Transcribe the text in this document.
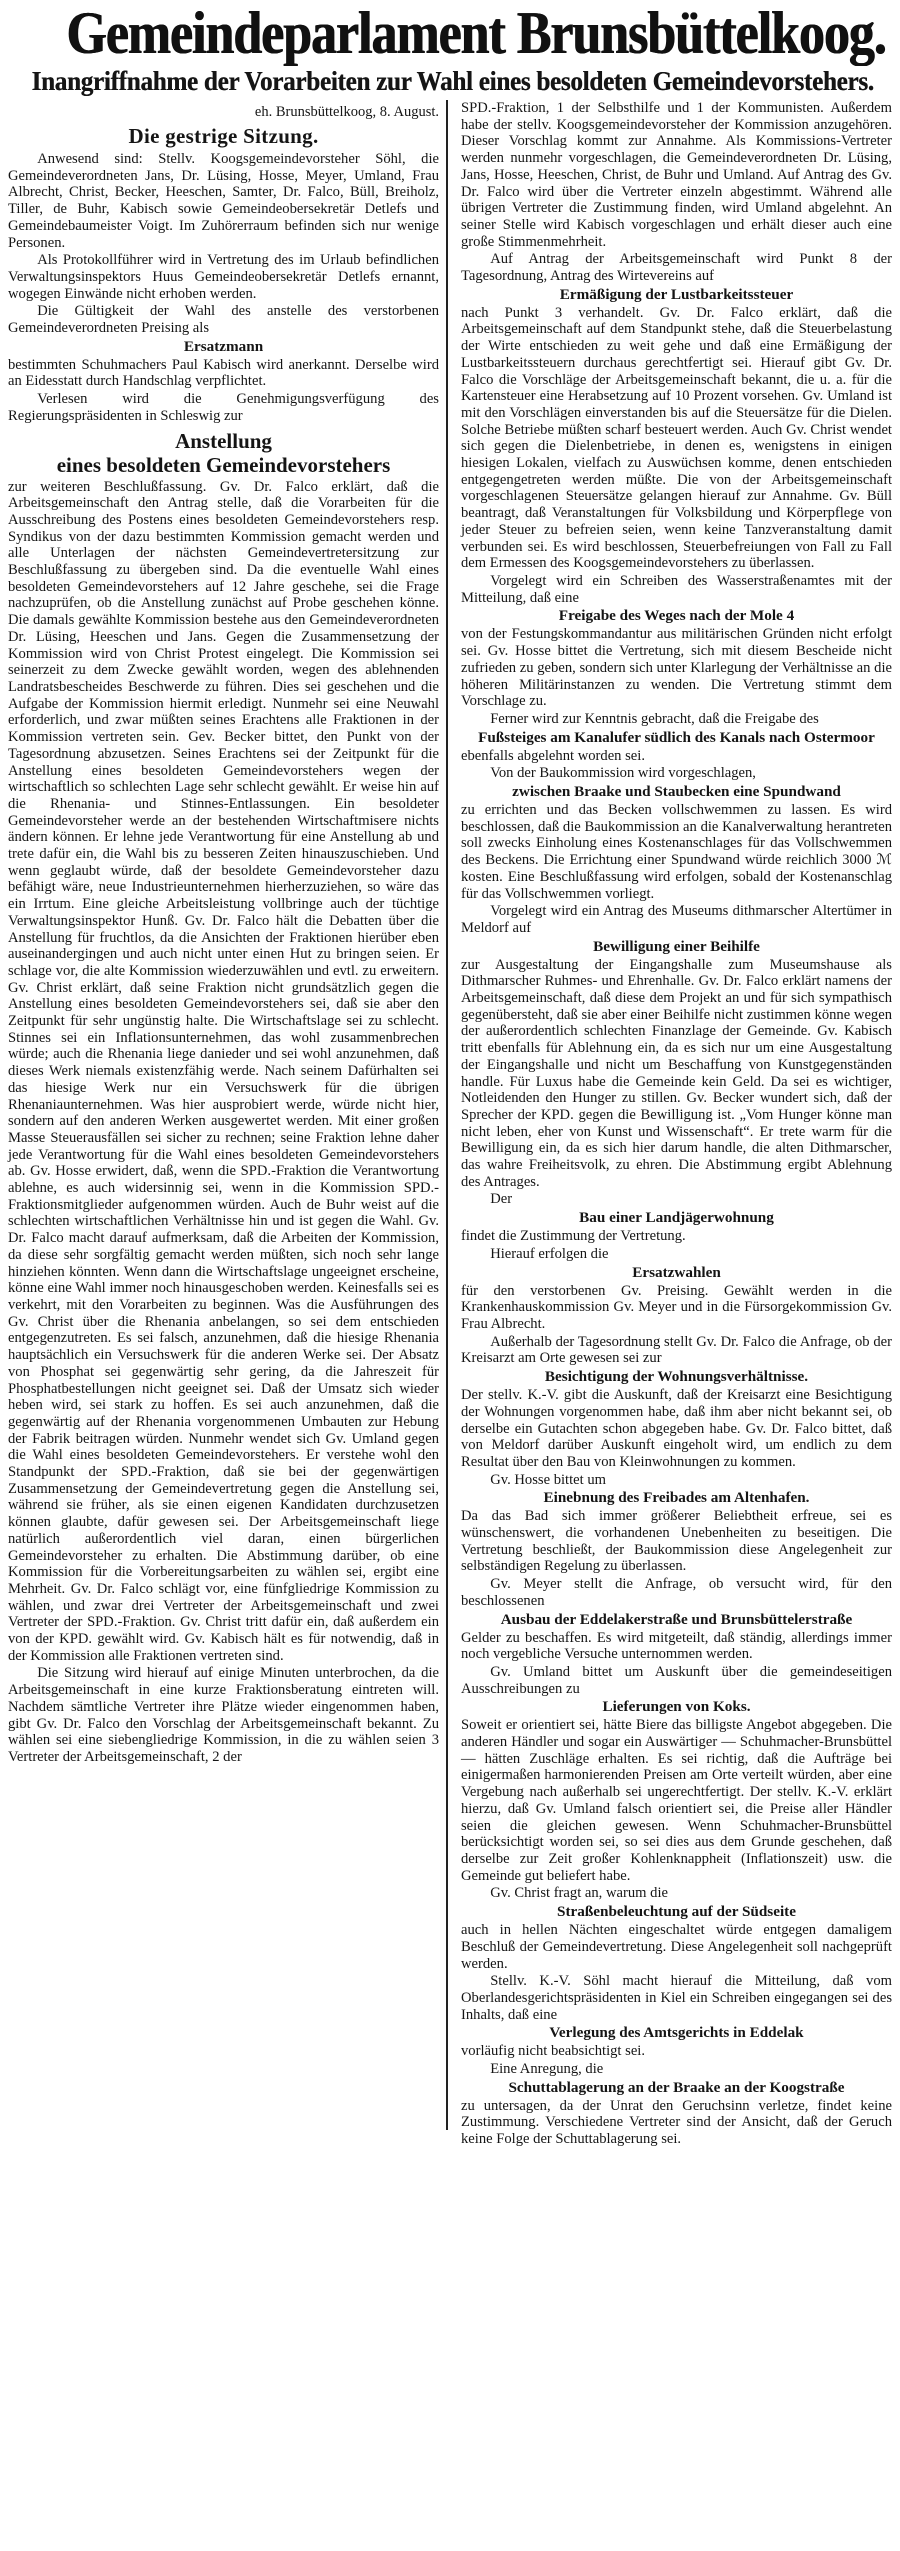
Gemeindeparlament Brunsbüttelkoog.
Inangriffnahme der Vorarbeiten zur Wahl eines besoldeten Gemeindevorstehers.
eh. Brunsbüttelkoog, 8. August.
Die gestrige Sitzung.

Anwesend sind: Stellv. Koogsgemeindevorsteher Söhl, die Gemeindeverordneten Jans, Dr. Lüsing, Hosse, Meyer, Umland, Frau Albrecht, Christ, Becker, Heeschen, Samter, Dr. Falco, Büll, Breiholz, Tiller, de Buhr, Kabisch sowie Gemeindeobersekretär Detlefs und Gemeindebaumeister Voigt. Im Zuhörerraum befinden sich nur wenige Personen.

Als Protokollführer wird in Vertretung des im Urlaub befindlichen Verwaltungsinspektors Huus Gemeindeobersekretär Detlefs ernannt, wogegen Einwände nicht erhoben werden.

Die Gültigkeit der Wahl des anstelle des verstorbenen Gemeindeverordneten Preising als

Ersatzmann

bestimmten Schuhmachers Paul Kabisch wird anerkannt. Derselbe wird an Eidesstatt durch Handschlag verpflichtet.

Verlesen wird die Genehmigungsverfügung des Regierungspräsidenten in Schleswig zur

Anstellung
eines besoldeten Gemeindevorstehers

zur weiteren Beschlußfassung. Gv. Dr. Falco erklärt, daß die Arbeitsgemeinschaft den Antrag stelle, daß die Vorarbeiten für die Ausschreibung des Postens eines besoldeten Gemeindevorstehers resp. Syndikus von der dazu bestimmten Kommission gemacht werden und alle Unterlagen der nächsten Gemeindevertretersitzung zur Beschlußfassung zu übergeben sind. Da die eventuelle Wahl eines besoldeten Gemeindevorstehers auf 12 Jahre geschehe, sei die Frage nachzuprüfen, ob die Anstellung zunächst auf Probe geschehen könne. Die damals gewählte Kommission bestehe aus den Gemeindeverordneten Dr. Lüsing, Heeschen und Jans. Gegen die Zusammensetzung der Kommission wird von Christ Protest eingelegt. Die Kommission sei seinerzeit zu dem Zwecke gewählt worden, wegen des ablehnenden Landratsbescheides Beschwerde zu führen. Dies sei geschehen und die Aufgabe der Kommission hiermit erledigt. Nunmehr sei eine Neuwahl erforderlich, und zwar müßten seines Erachtens alle Fraktionen in der Kommission vertreten sein. Gev. Becker bittet, den Punkt von der Tagesordnung abzusetzen. Seines Erachtens sei der Zeitpunkt für die Anstellung eines besoldeten Gemeindevorstehers wegen der wirtschaftlich so schlechten Lage sehr schlecht gewählt. Er weise hin auf die Rhenania- und Stinnes-Entlassungen. Ein besoldeter Gemeindevorsteher werde an der bestehenden Wirtschaftmisere nichts ändern können. Er lehne jede Verantwortung für eine Anstellung ab und trete dafür ein, die Wahl bis zu besseren Zeiten hinauszuschieben. Und wenn geglaubt würde, daß der besoldete Gemeindevorsteher dazu befähigt wäre, neue Industrieunternehmen hierherzuziehen, so wäre das ein Irrtum. Eine gleiche Arbeitsleistung vollbringe auch der tüchtige Verwaltungsinspektor Hunß. Gv. Dr. Falco hält die Debatten über die Anstellung für fruchtlos, da die Ansichten der Fraktionen hierüber eben auseinandergingen und auch nicht unter einen Hut zu bringen seien. Er schlage vor, die alte Kommission wiederzuwählen und evtl. zu erweitern. Gv. Christ erklärt, daß seine Fraktion nicht grundsätzlich gegen die Anstellung eines besoldeten Gemeindevorstehers sei, daß sie aber den Zeitpunkt für sehr ungünstig halte. Die Wirtschaftslage sei zu schlecht. Stinnes sei ein Inflationsunternehmen, das wohl zusammenbrechen würde; auch die Rhenania liege danieder und sei wohl anzunehmen, daß dieses Werk niemals existenzfähig werde. Nach seinem Dafürhalten sei das hiesige Werk nur ein Versuchswerk für die übrigen Rhenaniaunternehmen. Was hier ausprobiert werde, würde nicht hier, sondern auf den anderen Werken ausgewertet werden. Mit einer großen Masse Steuerausfällen sei sicher zu rechnen; seine Fraktion lehne daher jede Verantwortung für die Wahl eines besoldeten Gemeindevorstehers ab. Gv. Hosse erwidert, daß, wenn die SPD.-Fraktion die Verantwortung ablehne, es auch widersinnig sei, wenn in die Kommission SPD.-Fraktionsmitglieder aufgenommen würden. Auch de Buhr weist auf die schlechten wirtschaftlichen Verhältnisse hin und ist gegen die Wahl. Gv. Dr. Falco macht darauf aufmerksam, daß die Arbeiten der Kommission, da diese sehr sorgfältig gemacht werden müßten, sich noch sehr lange hinziehen könnten. Wenn dann die Wirtschaftslage ungeeignet erscheine, könne eine Wahl immer noch hinausgeschoben werden. Keinesfalls sei es verkehrt, mit den Vorarbeiten zu beginnen. Was die Ausführungen des Gv. Christ über die Rhenania anbelangen, so sei dem entschieden entgegenzutreten. Es sei falsch, anzunehmen, daß die hiesige Rhenania hauptsächlich ein Versuchswerk für die anderen Werke sei. Der Absatz von Phosphat sei gegenwärtig sehr gering, da die Jahreszeit für Phosphatbestellungen nicht geeignet sei. Daß der Umsatz sich wieder heben wird, sei stark zu hoffen. Es sei auch anzunehmen, daß die gegenwärtig auf der Rhenania vorgenommenen Umbauten zur Hebung der Fabrik beitragen würden. Nunmehr wendet sich Gv. Umland gegen die Wahl eines besoldeten Gemeindevorstehers. Er verstehe wohl den Standpunkt der SPD.-Fraktion, daß sie bei der gegenwärtigen Zusammensetzung der Gemeindevertretung gegen die Anstellung sei, während sie früher, als sie einen eigenen Kandidaten durchzusetzen können glaubte, dafür gewesen sei. Der Arbeitsgemeinschaft liege natürlich außerordentlich viel daran, einen bürgerlichen Gemeindevorsteher zu erhalten. Die Abstimmung darüber, ob eine Kommission für die Vorbereitungsarbeiten zu wählen sei, ergibt eine Mehrheit. Gv. Dr. Falco schlägt vor, eine fünfgliedrige Kommission zu wählen, und zwar drei Vertreter der Arbeitsgemeinschaft und zwei Vertreter der SPD.-Fraktion. Gv. Christ tritt dafür ein, daß außerdem ein von der KPD. gewählt wird. Gv. Kabisch hält es für notwendig, daß in der Kommission alle Fraktionen vertreten sind.

Die Sitzung wird hierauf auf einige Minuten unterbrochen, da die Arbeitsgemeinschaft in eine kurze Fraktionsberatung eintreten will. Nachdem sämtliche Vertreter ihre Plätze wieder eingenommen haben, gibt Gv. Dr. Falco den Vorschlag der Arbeitsgemeinschaft bekannt. Zu wählen sei eine siebengliedrige Kommission, in die zu wählen seien 3 Vertreter der Arbeitsgemeinschaft, 2 der

SPD.-Fraktion, 1 der Selbsthilfe und 1 der Kommunisten. Außerdem habe der stellv. Koogsgemeindevorsteher der Kommission anzugehören. Dieser Vorschlag kommt zur Annahme. Als Kommissions-Vertreter werden nunmehr vorgeschlagen, die Gemeindeverordneten Dr. Lüsing, Jans, Hosse, Heeschen, Christ, de Buhr und Umland. Auf Antrag des Gv. Dr. Falco wird über die Vertreter einzeln abgestimmt. Während alle übrigen Vertreter die Zustimmung finden, wird Umland abgelehnt. An seiner Stelle wird Kabisch vorgeschlagen und erhält dieser auch eine große Stimmenmehrheit.

Auf Antrag der Arbeitsgemeinschaft wird Punkt 8 der Tagesordnung, Antrag des Wirtevereins auf

Ermäßigung der Lustbarkeitssteuer

nach Punkt 3 verhandelt. Gv. Dr. Falco erklärt, daß die Arbeitsgemeinschaft auf dem Standpunkt stehe, daß die Steuerbelastung der Wirte entschieden zu weit gehe und daß eine Ermäßigung der Lustbarkeitssteuern durchaus gerechtfertigt sei. Hierauf gibt Gv. Dr. Falco die Vorschläge der Arbeitsgemeinschaft bekannt, die u. a. für die Kartensteuer eine Herabsetzung auf 10 Prozent vorsehen. Gv. Umland ist mit den Vorschlägen einverstanden bis auf die Steuersätze für die Dielen. Solche Betriebe müßten scharf besteuert werden. Auch Gv. Christ wendet sich gegen die Dielenbetriebe, in denen es, wenigstens in einigen hiesigen Lokalen, vielfach zu Auswüchsen komme, denen entschieden entgegengetreten werden müßte. Die von der Arbeitsgemeinschaft vorgeschlagenen Steuersätze gelangen hierauf zur Annahme. Gv. Büll beantragt, daß Veranstaltungen für Volksbildung und Körperpflege von jeder Steuer zu befreien seien, wenn keine Tanzveranstaltung damit verbunden sei. Es wird beschlossen, Steuerbefreiungen von Fall zu Fall dem Ermessen des Koogsgemeindevorstehers zu überlassen.

Vorgelegt wird ein Schreiben des Wasserstraßenamtes mit der Mitteilung, daß eine

Freigabe des Weges nach der Mole 4

von der Festungskommandantur aus militärischen Gründen nicht erfolgt sei. Gv. Hosse bittet die Vertretung, sich mit diesem Bescheide nicht zufrieden zu geben, sondern sich unter Klarlegung der Verhältnisse an die höheren Militärinstanzen zu wenden. Die Vertretung stimmt dem Vorschlage zu.

Ferner wird zur Kenntnis gebracht, daß die Freigabe des

Fußsteiges am Kanalufer südlich des Kanals nach Ostermoor

ebenfalls abgelehnt worden sei.

Von der Baukommission wird vorgeschlagen,

zwischen Braake und Staubecken eine Spundwand

zu errichten und das Becken vollschwemmen zu lassen. Es wird beschlossen, daß die Baukommission an die Kanalverwaltung herantreten soll zwecks Einholung eines Kostenanschlages für das Vollschwemmen des Beckens. Die Errichtung einer Spundwand würde reichlich 3000 ℳ kosten. Eine Beschlußfassung wird erfolgen, sobald der Kostenanschlag für das Vollschwemmen vorliegt.

Vorgelegt wird ein Antrag des Museums dithmarscher Altertümer in Meldorf auf

Bewilligung einer Beihilfe

zur Ausgestaltung der Eingangshalle zum Museumshause als Dithmarscher Ruhmes- und Ehrenhalle. Gv. Dr. Falco erklärt namens der Arbeitsgemeinschaft, daß diese dem Projekt an und für sich sympathisch gegenübersteht, daß sie aber einer Beihilfe nicht zustimmen könne wegen der außerordentlich schlechten Finanzlage der Gemeinde. Gv. Kabisch tritt ebenfalls für Ablehnung ein, da es sich nur um eine Ausgestaltung der Eingangshalle und nicht um Beschaffung von Kunstgegenständen handle. Für Luxus habe die Gemeinde kein Geld. Da sei es wichtiger, Notleidenden den Hunger zu stillen. Gv. Becker wundert sich, daß der Sprecher der KPD. gegen die Bewilligung ist. „Vom Hunger könne man nicht leben, eher von Kunst und Wissenschaft“. Er trete warm für die Bewilligung ein, da es sich hier darum handle, die alten Dithmarscher, das wahre Freiheitsvolk, zu ehren. Die Abstimmung ergibt Ablehnung des Antrages.

Der

Bau einer Landjägerwohnung

findet die Zustimmung der Vertretung.

Hierauf erfolgen die

Ersatzwahlen

für den verstorbenen Gv. Preising. Gewählt werden in die Krankenhauskommission Gv. Meyer und in die Fürsorgekommission Gv. Frau Albrecht.

Außerhalb der Tagesordnung stellt Gv. Dr. Falco die Anfrage, ob der Kreisarzt am Orte gewesen sei zur

Besichtigung der Wohnungsverhältnisse.

Der stellv. K.-V. gibt die Auskunft, daß der Kreisarzt eine Besichtigung der Wohnungen vorgenommen habe, daß ihm aber nicht bekannt sei, ob derselbe ein Gutachten schon abgegeben habe. Gv. Dr. Falco bittet, daß von Meldorf darüber Auskunft eingeholt wird, um endlich zu dem Resultat über den Bau von Kleinwohnungen zu kommen.

Gv. Hosse bittet um

Einebnung des Freibades am Altenhafen.

Da das Bad sich immer größerer Beliebtheit erfreue, sei es wünschenswert, die vorhandenen Unebenheiten zu beseitigen. Die Vertretung beschließt, der Baukommission diese Angelegenheit zur selbständigen Regelung zu überlassen.

Gv. Meyer stellt die Anfrage, ob versucht wird, für den beschlossenen

Ausbau der Eddelakerstraße und Brunsbüttelerstraße

Gelder zu beschaffen. Es wird mitgeteilt, daß ständig, allerdings immer noch vergebliche Versuche unternommen werden.

Gv. Umland bittet um Auskunft über die gemeindeseitigen Ausschreibungen zu

Lieferungen von Koks.

Soweit er orientiert sei, hätte Biere das billigste Angebot abgegeben. Die anderen Händler und sogar ein Auswärtiger — Schuhmacher-Brunsbüttel — hätten Zuschläge erhalten. Es sei richtig, daß die Aufträge bei einigermaßen harmonierenden Preisen am Orte verteilt würden, aber eine Vergebung nach außerhalb sei ungerechtfertigt. Der stellv. K.-V. erklärt hierzu, daß Gv. Umland falsch orientiert sei, die Preise aller Händler seien die gleichen gewesen. Wenn Schuhmacher-Brunsbüttel berücksichtigt worden sei, so sei dies aus dem Grunde geschehen, daß derselbe zur Zeit großer Kohlenknappheit (Inflationszeit) usw. die Gemeinde gut beliefert habe.

Gv. Christ fragt an, warum die

Straßenbeleuchtung auf der Südseite

auch in hellen Nächten eingeschaltet würde entgegen damaligem Beschluß der Gemeindevertretung. Diese Angelegenheit soll nachgeprüft werden.

Stellv. K.-V. Söhl macht hierauf die Mitteilung, daß vom Oberlandesgerichtspräsidenten in Kiel ein Schreiben eingegangen sei des Inhalts, daß eine

Verlegung des Amtsgerichts in Eddelak

vorläufig nicht beabsichtigt sei.

Eine Anregung, die

Schuttablagerung an der Braake an der Koogstraße

zu untersagen, da der Unrat den Geruchsinn verletze, findet keine Zustimmung. Verschiedene Vertreter sind der Ansicht, daß der Geruch keine Folge der Schuttablagerung sei.
